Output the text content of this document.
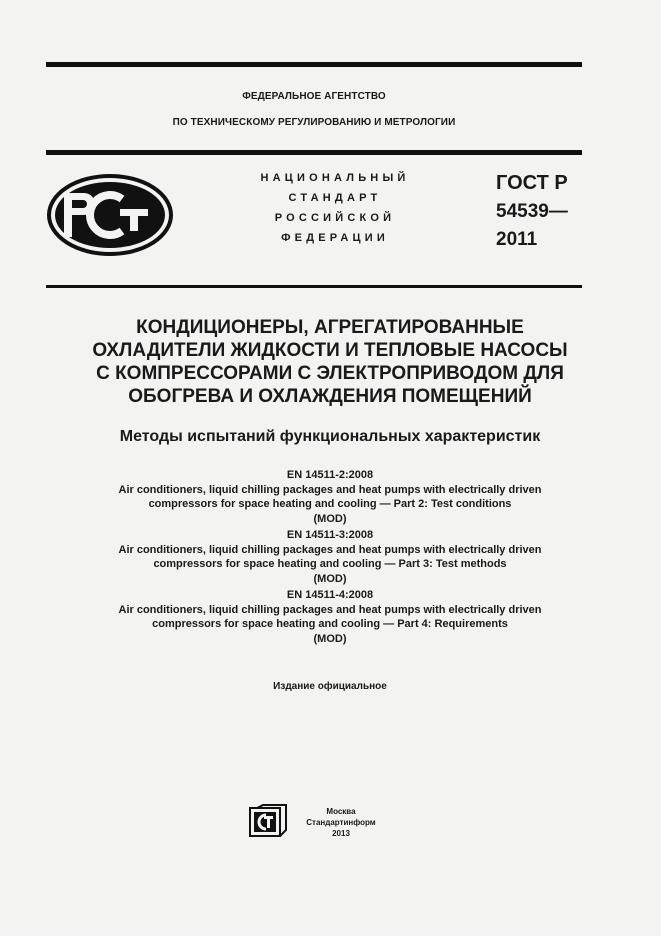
ФЕДЕРАЛЬНОЕ АГЕНТСТВО
ПО ТЕХНИЧЕСКОМУ РЕГУЛИРОВАНИЮ И МЕТРОЛОГИИ
НАЦИОНАЛЬНЫЙ
СТАНДАРТ
РОССИЙСКОЙ
ФЕДЕРАЦИИ
ГОСТ Р
54539—
2011
КОНДИЦИОНЕРЫ, АГРЕГАТИРОВАННЫЕ
ОХЛАДИТЕЛИ ЖИДКОСТИ И ТЕПЛОВЫЕ НАСОСЫ
С КОМПРЕССОРАМИ С ЭЛЕКТРОПРИВОДОМ ДЛЯ
ОБОГРЕВА И ОХЛАЖДЕНИЯ ПОМЕЩЕНИЙ
Методы испытаний функциональных характеристик
EN 14511-2:2008
Air conditioners, liquid chilling packages and heat pumps with electrically driven
compressors for space heating and cooling — Part 2: Test conditions
(MOD)
EN 14511-3:2008
Air conditioners, liquid chilling packages and heat pumps with electrically driven
compressors for space heating and cooling — Part 3: Test methods
(MOD)
EN 14511-4:2008
Air conditioners, liquid chilling packages and heat pumps with electrically driven
compressors for space heating and cooling — Part 4: Requirements
(MOD)
Издание официальное
Москва
Стандартинформ
2013
